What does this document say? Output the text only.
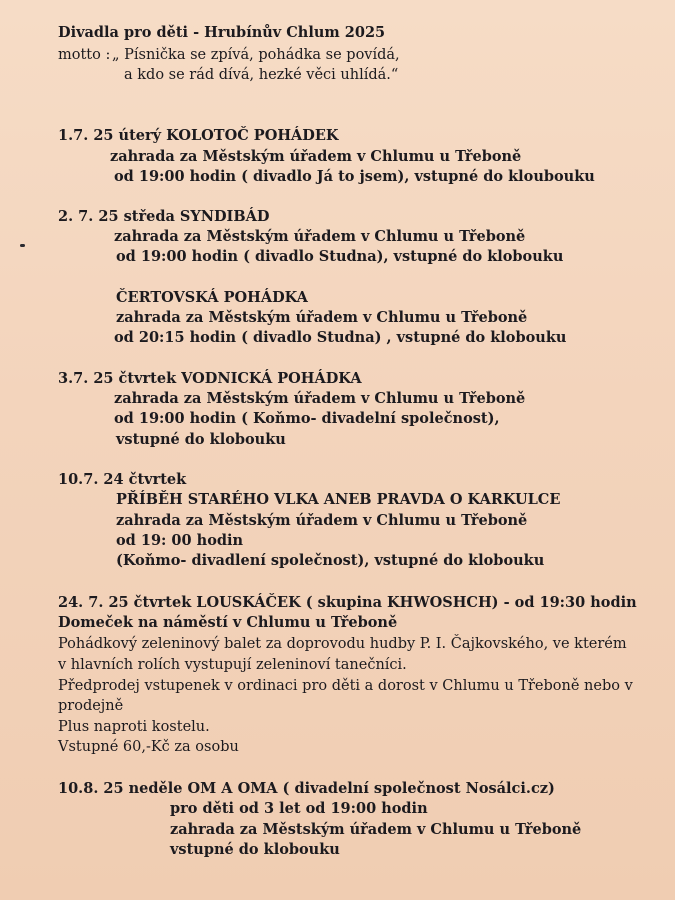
Divadla pro děti - Hrubínův Chlum 2025
motto : „ Písnička se zpívá, pohádka se povídá,
a kdo se rád dívá, hezké věci uhlídá.“
1.7. 25 úterý KOLOTOČ POHÁDEK
zahrada za Městským úřadem v Chlumu u Třeboně
od 19:00 hodin ( divadlo Já to jsem), vstupné do kloubouku
2. 7. 25 středa SYNDIBÁD
zahrada za Městským úřadem v Chlumu u Třeboně
od 19:00 hodin ( divadlo Studna), vstupné do klobouku
ČERTOVSKÁ POHÁDKA
zahrada za Městským úřadem v Chlumu u Třeboně
od 20:15 hodin ( divadlo Studna) , vstupné do klobouku
3.7. 25 čtvrtek VODNICKÁ POHÁDKA
zahrada za Městským úřadem v Chlumu u Třeboně
od 19:00 hodin ( Koňmo- divadelní společnost),
vstupné do klobouku
10.7. 24 čtvrtek
PŘÍBĚH STARÉHO VLKA ANEB PRAVDA O KARKULCE
zahrada za Městským úřadem v Chlumu u Třeboně
od 19: 00 hodin
(Koňmo- divadlení společnost), vstupné do klobouku
24. 7. 25 čtvrtek LOUSKÁČEK ( skupina KHWOSHCH) - od 19:30 hodin
Domeček na náměstí v Chlumu u Třeboně
Pohádkový zeleninový balet za doprovodu hudby P. I. Čajkovského, ve kterém
v hlavních rolích vystupují zeleninoví tanečníci.
Předprodej vstupenek v ordinaci pro děti a dorost v Chlumu u Třeboně nebo v
prodejně
Plus naproti kostelu.
Vstupné 60,-Kč za osobu
10.8. 25 neděle OM A OMA ( divadelní společnost Nosálci.cz)
pro děti od 3 let od 19:00 hodin
zahrada za Městským úřadem v Chlumu u Třeboně
vstupné do klobouku
